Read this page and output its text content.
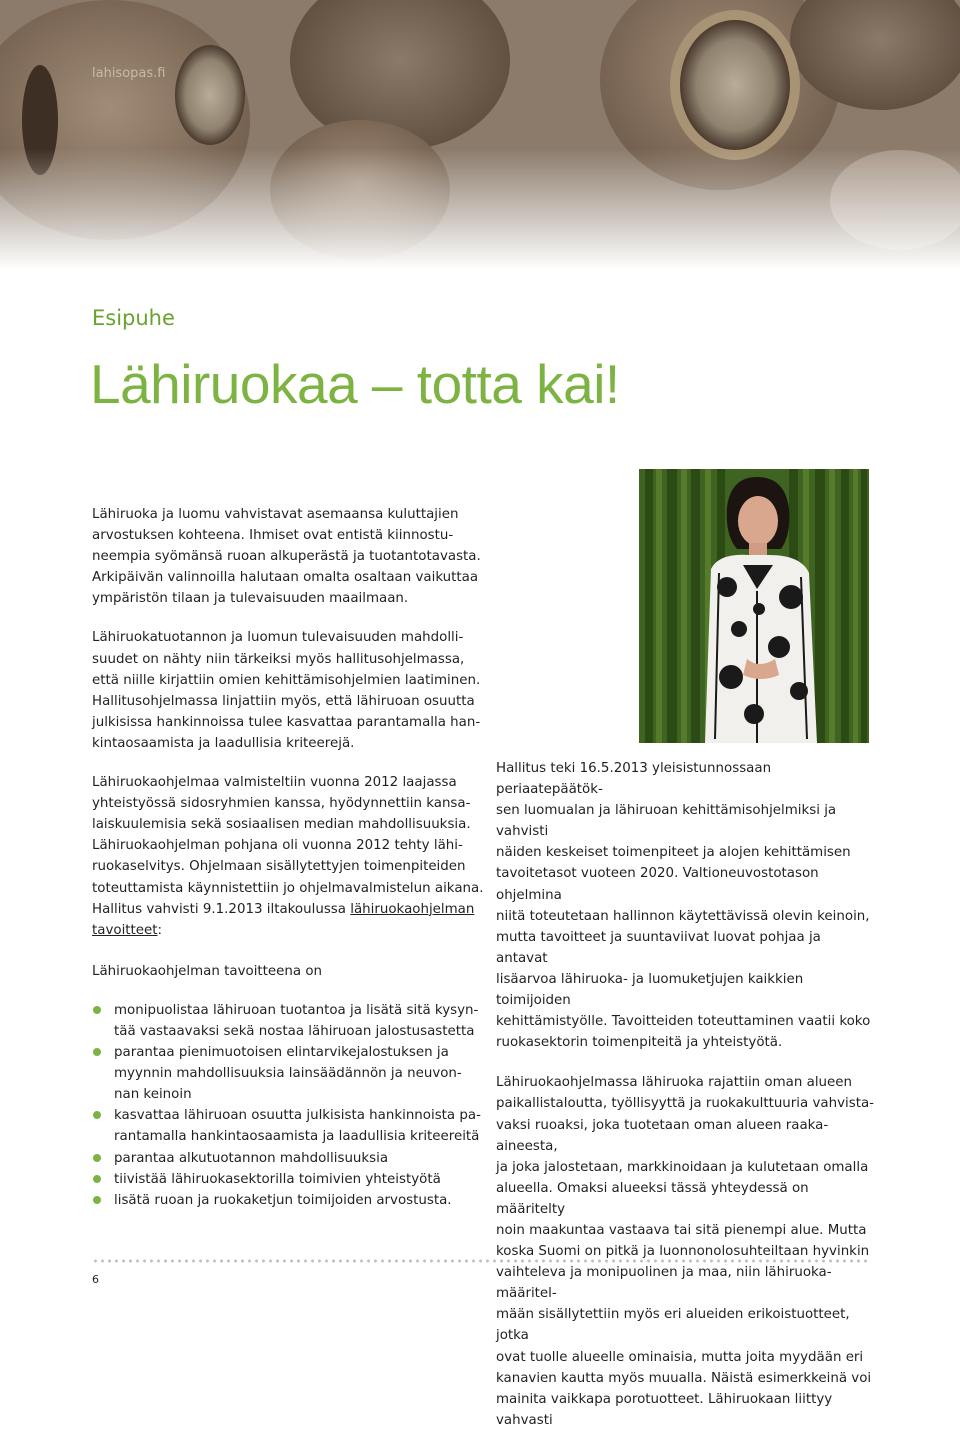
lahisopas.fi
Esipuhe
Lähiruokaa – totta kai!

Lähiruoka ja luomu vahvistavat asemaansa kuluttajien
arvostuksen kohteena. Ihmiset ovat entistä kiinnostu-
neempia syömänsä ruoan alkuperästä ja tuotantotavasta.
Arkipäivän valinnoilla halutaan omalta osaltaan vaikuttaa
ympäristön tilaan ja tulevaisuuden maailmaan.

Lähiruokatuotannon ja luomun tulevaisuuden mahdolli-
suudet on nähty niin tärkeiksi myös hallitusohjelmassa,
että niille kirjattiin omien kehittämisohjelmien laatiminen.
Hallitusohjelmassa linjattiin myös, että lähiruoan osuutta
julkisissa hankinnoissa tulee kasvattaa parantamalla han-
kintaosaamista ja laadullisia kriteerejä.

Lähiruokaohjelmaa valmisteltiin vuonna 2012 laajassa
yhteistyössä sidosryhmien kanssa, hyödynnettiin kansa-
laiskuulemisia sekä sosiaalisen median mahdollisuuksia.
Lähiruokaohjelman pohjana oli vuonna 2012 tehty lähi-
ruokaselvitys. Ohjelmaan sisällytettyjen toimenpiteiden
toteuttamista käynnistettiin jo ohjelmavalmistelun aikana.
Hallitus vahvisti 9.1.2013 iltakoulussa lähiruokaohjelman
tavoitteet:

Lähiruokaohjelman tavoitteena on

monipuolistaa lähiruoan tuotantoa ja lisätä sitä kysyn-
tää vastaavaksi sekä nostaa lähiruoan jalostusastetta
parantaa pienimuotoisen elintarvikejalostuksen ja
myynnin mahdollisuuksia lainsäädännön ja neuvon-
nan keinoin
kasvattaa lähiruoan osuutta julkisista hankinnoista pa-
rantamalla hankintaosaamista ja laadullisia kriteereitä
parantaa alkutuotannon mahdollisuuksia
tiivistää lähiruokasektorilla toimivien yhteistyötä
lisätä ruoan ja ruokaketjun toimijoiden arvostusta.

Hallitus teki 16.5.2013 yleisistunnossaan periaatepäätök-
sen luomualan ja lähiruoan kehittämisohjelmiksi ja vahvisti
näiden keskeiset toimenpiteet ja alojen kehittämisen
tavoitetasot vuoteen 2020. Valtioneuvostotason ohjelmina
niitä toteutetaan hallinnon käytettävissä olevin keinoin,
mutta tavoitteet ja suuntaviivat luovat pohjaa ja antavat
lisäarvoa lähiruoka- ja luomuketjujen kaikkien toimijoiden
kehittämistyölle. Tavoitteiden toteuttaminen vaatii koko
ruokasektorin toimenpiteitä ja yhteistyötä.

Lähiruokaohjelmassa lähiruoka rajattiin oman alueen
paikallistaloutta, työllisyyttä ja ruokakulttuuria vahvista-
vaksi ruoaksi, joka tuotetaan oman alueen raaka-aineesta,
ja joka jalostetaan, markkinoidaan ja kulutetaan omalla
alueella. Omaksi alueeksi tässä yhteydessä on määritelty
noin maakuntaa vastaava tai sitä pienempi alue. Mutta
koska Suomi on pitkä ja luonnonolosuhteiltaan hyvinkin
vaihteleva ja monipuolinen ja maa, niin lähiruoka-määritel-
mään sisällytettiin myös eri alueiden erikoistuotteet, jotka
ovat tuolle alueelle ominaisia, mutta joita myydään eri
kanavien kautta myös muualla. Näistä esimerkkeinä voi
mainita vaikkapa porotuotteet. Lähiruokaan liittyy vahvasti

6
